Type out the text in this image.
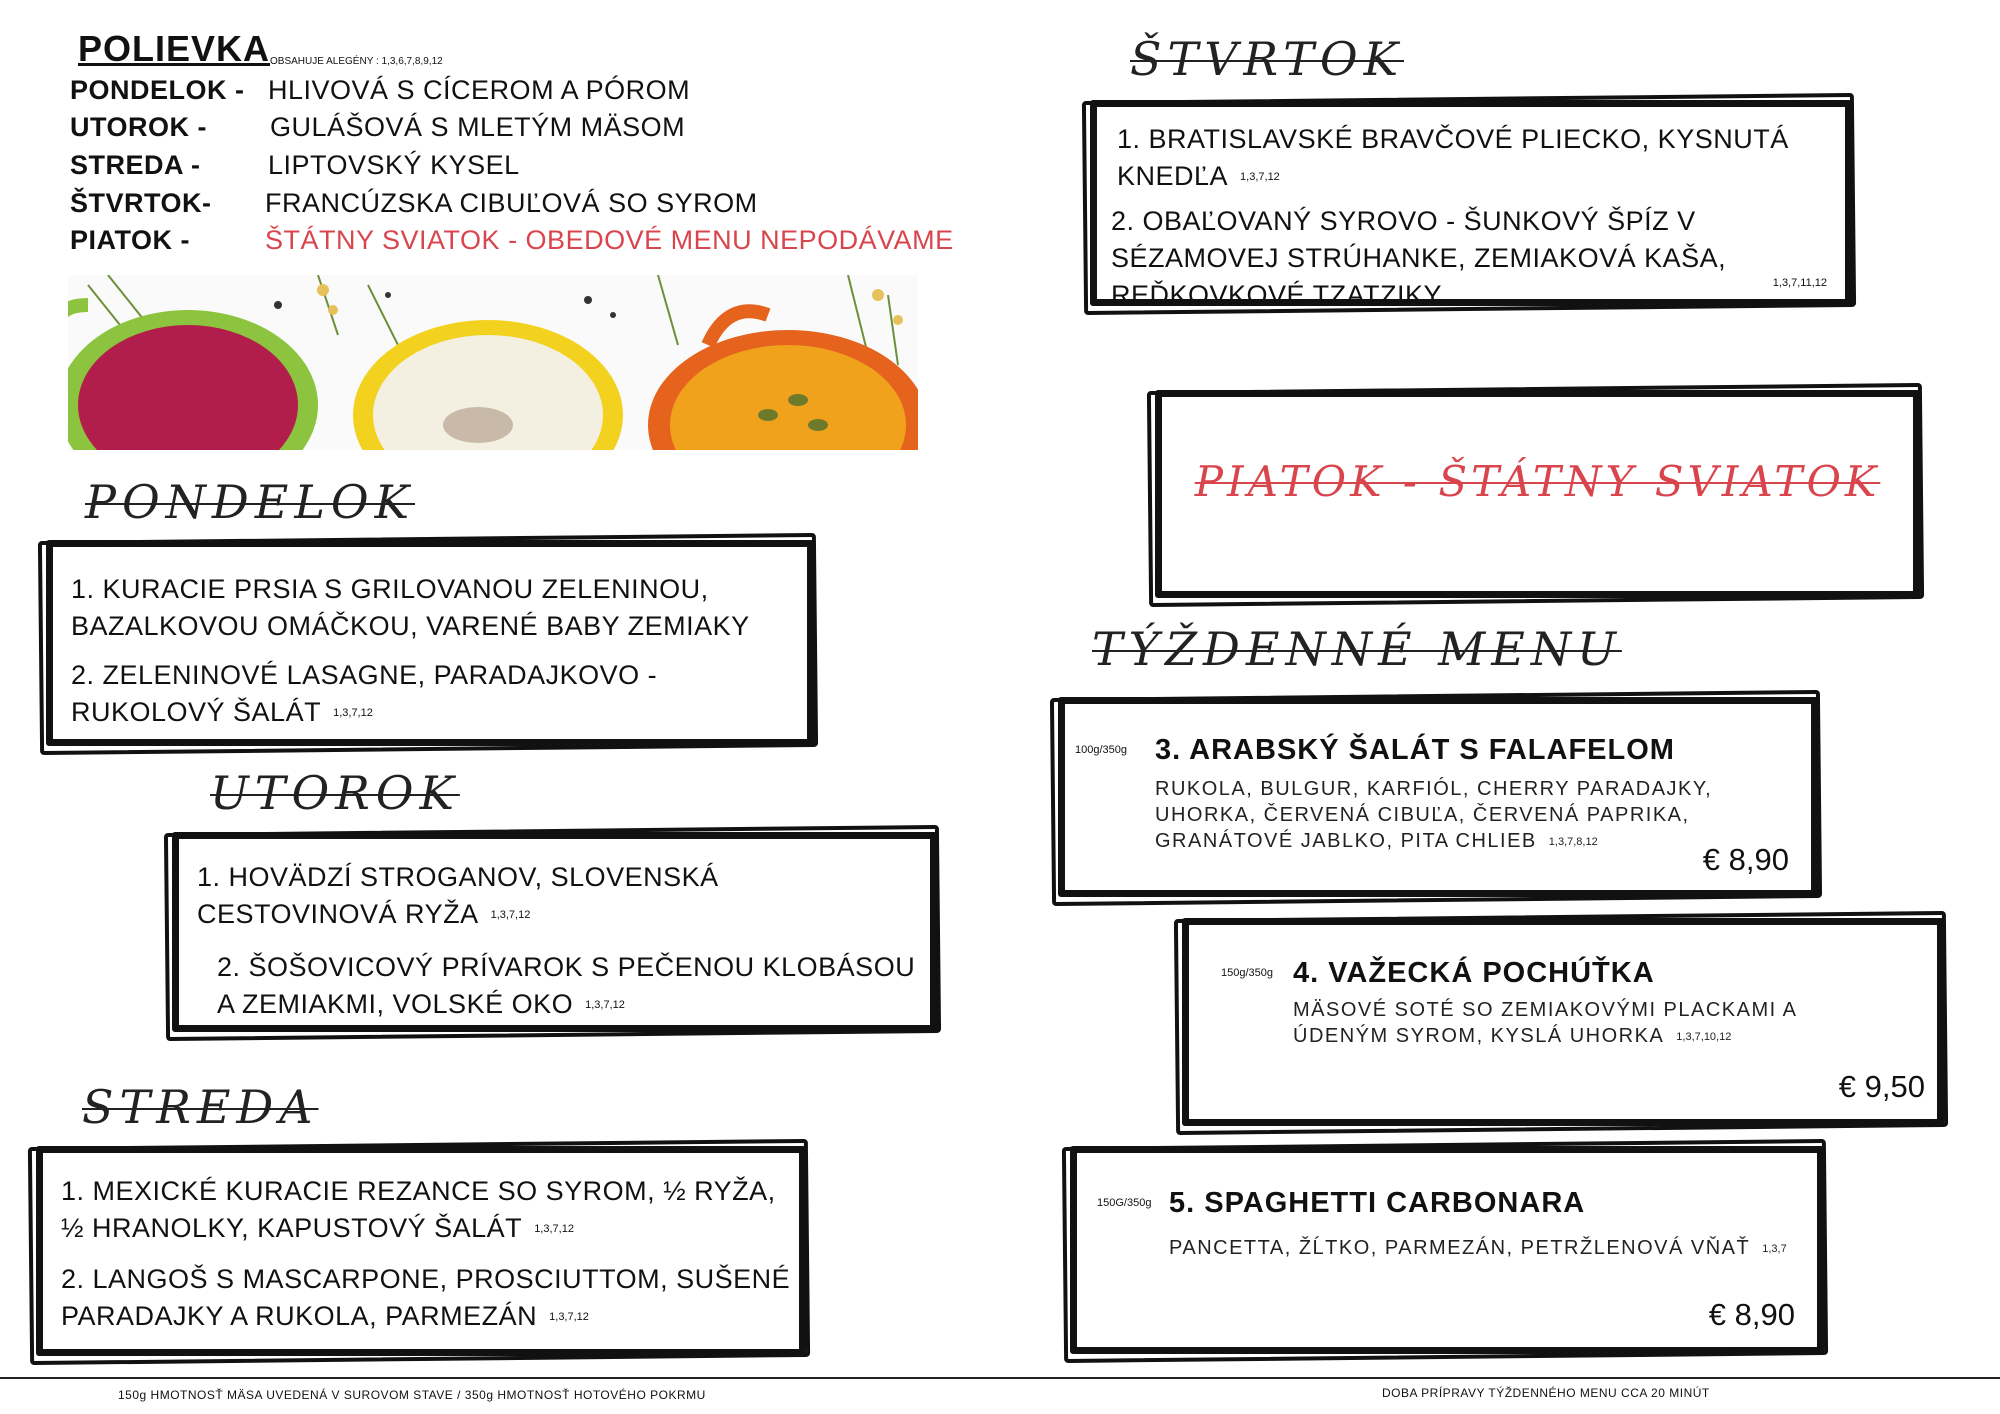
POLIEVKA OBSAHUJE ALEGÉNY : 1,3,6,7,8,9,12
PONDELOK - HLIVOVÁ S CÍCEROM A PÓROM
UTOROK - GULÁŠOVÁ S MLETÝM MÄSOM
STREDA -	LIPTOVSKÝ KYSEL
ŠTVRTOK- FRANCÚZSKA CIBUĽOVÁ SO SYROM
PIATOK -	ŠTÁTNY SVIATOK - OBEDOVÉ MENU NEPODÁVAME
PONDELOK
1. KURACIE PRSIA S GRILOVANOU ZELENINOU, BAZALKOVOU OMÁČKOU, VARENÉ BABY ZEMIAKY
2. ZELENINOVÉ LASAGNE, PARADAJKOVO - RUKOLOVÝ ŠALÁT 1,3,7,12
UTOROK
1. HOVÄDZÍ STROGANOV, SLOVENSKÁ CESTOVINOVÁ RYŽA 1,3,7,12
2. ŠOŠOVICOVÝ PRÍVAROK S PEČENOU KLOBÁSOU A ZEMIAKMI, VOLSKÉ OKO 1,3,7,12
STREDA
1. MEXICKÉ KURACIE REZANCE SO SYROM, ½ RYŽA, ½ HRANOLKY, KAPUSTOVÝ ŠALÁT 1,3,7,12
2. LANGOŠ S MASCARPONE, PROSCIUTTOM, SUŠENÉ PARADAJKY A RUKOLA, PARMEZÁN 1,3,7,12
ŠTVRTOK
1. BRATISLAVSKÉ BRAVČOVÉ PLIECKO, KYSNUTÁ KNEDĽA 1,3,7,12
2. OBAĽOVANÝ SYROVO - ŠUNKOVÝ ŠPÍZ V SÉZAMOVEJ STRÚHANKE, ZEMIAKOVÁ KAŠA, REĎKOVKOVÉ TZATZIKY	1,3,7,11,12
PIATOK - ŠTÁTNY SVIATOK
TÝŽDENNÉ MENU
100g/350g 3. ARABSKÝ ŠALÁT S FALAFELOM
RUKOLA, BULGUR, KARFIÓL, CHERRY PARADAJKY, UHORKA, ČERVENÁ CIBUĽA, ČERVENÁ PAPRIKA, GRANÁTOVÉ JABLKO, PITA CHLIEB 1,3,7,8,12
€ 8,90
150g/350g 4. VAŽECKÁ POCHÚŤKA
MÄSOVÉ SOTÉ SO ZEMIAKOVÝMI PLACKAMI A ÚDENÝM SYROM, KYSLÁ UHORKA 1,3,7,10,12
€ 9,50
150G/350g 5. SPAGHETTI CARBONARA
PANCETTA, ŽĹTKO, PARMEZÁN, PETRŽLENOVÁ VŇAŤ 1,3,7
€ 8,90
150g HMOTNOSŤ MÄSA UVEDENÁ V SUROVOM STAVE / 350g HMOTNOSŤ HOTOVÉHO POKRMU	DOBA PRÍPRAVY TÝŽDENNÉHO MENU CCA 20 MINÚT
